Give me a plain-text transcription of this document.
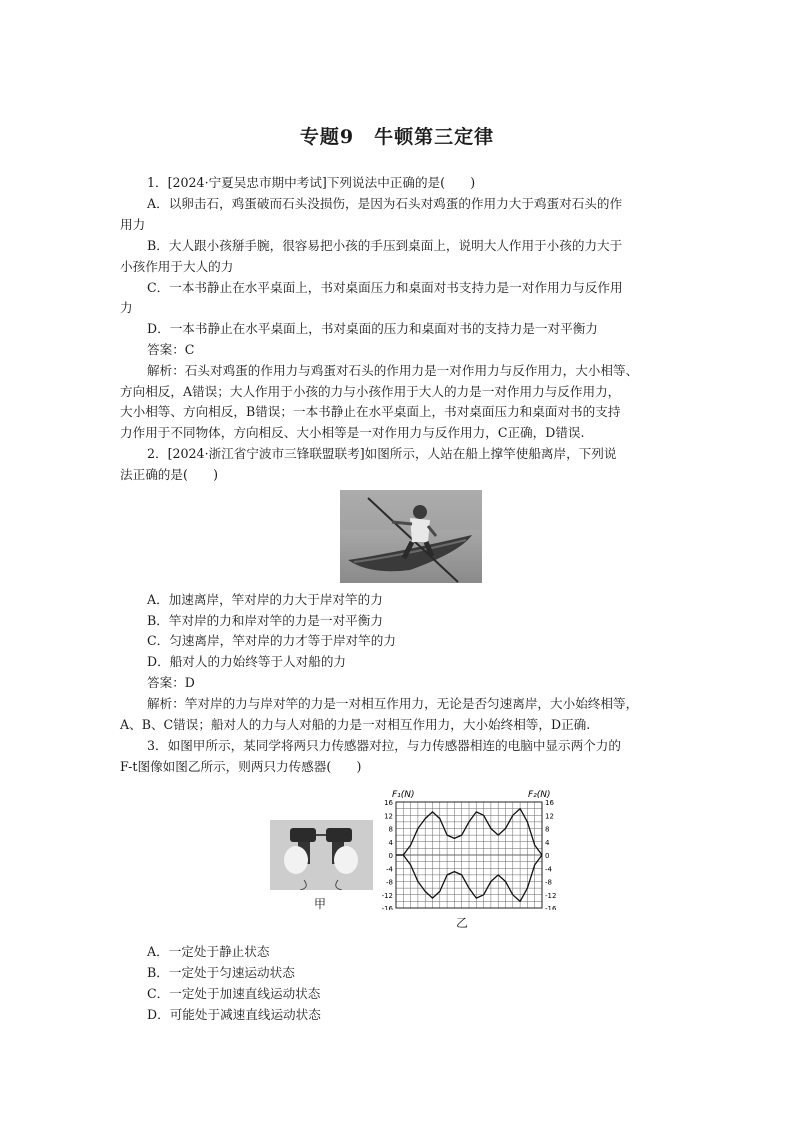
专题9　牛顿第三定律
1．[2024·宁夏吴忠市期中考试]下列说法中正确的是(　　)
A．以卵击石，鸡蛋破而石头没损伤，是因为石头对鸡蛋的作用力大于鸡蛋对石头的作
用力
B．大人跟小孩掰手腕，很容易把小孩的手压到桌面上，说明大人作用于小孩的力大于
小孩作用于大人的力
C．一本书静止在水平桌面上，书对桌面压力和桌面对书支持力是一对作用力与反作用
力
D．一本书静止在水平桌面上，书对桌面的压力和桌面对书的支持力是一对平衡力
答案：C
解析：石头对鸡蛋的作用力与鸡蛋对石头的作用力是一对作用力与反作用力，大小相等、
方向相反，A错误；大人作用于小孩的力与小孩作用于大人的力是一对作用力与反作用力，
大小相等、方向相反，B错误；一本书静止在水平桌面上，书对桌面压力和桌面对书的支持
力作用于不同物体，方向相反、大小相等是一对作用力与反作用力，C正确，D错误.
2．[2024·浙江省宁波市三锋联盟联考]如图所示，人站在船上撑竿使船离岸，下列说
法正确的是(　　)
A．加速离岸，竿对岸的力大于岸对竿的力
B．竿对岸的力和岸对竿的力是一对平衡力
C．匀速离岸，竿对岸的力才等于岸对竿的力
D．船对人的力始终等于人对船的力
答案：D
解析：竿对岸的力与岸对竿的力是一对相互作用力，无论是否匀速离岸，大小始终相等，
A、B、C错误；船对人的力与人对船的力是一对相互作用力，大小始终相等，D正确.
3．如图甲所示，某同学将两只力传感器对拉，与力传感器相连的电脑中显示两个力的
F-t图像如图乙所示，则两只力传感器(　　)
甲
F₁(N)	F₂(N)
16	16
12	12
8	8
4	4
0	0
-4	-4
-8	-8
-12	-12
-16	-16
乙
A．一定处于静止状态
B．一定处于匀速运动状态
C．一定处于加速直线运动状态
D．可能处于减速直线运动状态
